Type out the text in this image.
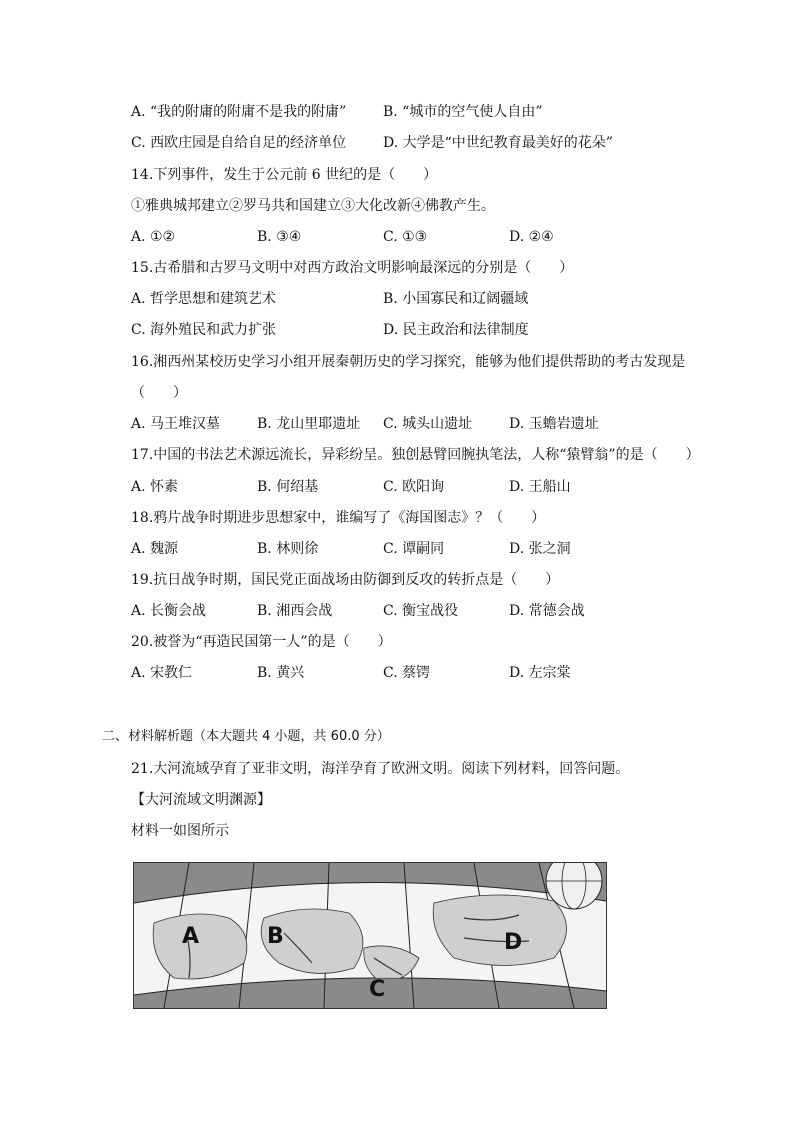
A. “我的附庸的附庸不是我的附庸”	B. “城市的空气使人自由”
C. 西欧庄园是自给自足的经济单位	D. 大学是“中世纪教育最美好的花朵”
14.下列事件，发生于公元前 6 世纪的是（　　）
①雅典城邦建立②罗马共和国建立③大化改新④佛教产生。
A. ①②	B. ③④	C. ①③	D. ②④
15.古希腊和古罗马文明中对西方政治文明影响最深远的分别是（　　）
A. 哲学思想和建筑艺术	B. 小国寡民和辽阔疆域
C. 海外殖民和武力扩张	D. 民主政治和法律制度
16.湘西州某校历史学习小组开展秦朝历史的学习探究，能够为他们提供帮助的考古发现是
（　　）
A. 马王堆汉墓	B. 龙山里耶遗址 C. 城头山遗址	D. 玉蟾岩遗址
17.中国的书法艺术源远流长，异彩纷呈。独创悬臂回腕执笔法，人称“猿臂翁”的是（　　）
A. 怀素	B. 何绍基	C. 欧阳询	D. 王船山
18.鸦片战争时期进步思想家中，谁编写了《海国图志》？（　　）
A. 魏源	B. 林则徐	C. 谭嗣同	D. 张之洞
19.抗日战争时期，国民党正面战场由防御到反攻的转折点是（　　）
A. 长衡会战	B. 湘西会战	C. 衡宝战役	D. 常德会战
20.被誉为“再造民国第一人”的是（　　）
A. 宋教仁	B. 黄兴	C. 蔡锷	D. 左宗棠
二、材料解析题（本大题共 4 小题，共 60.0 分）
21.大河流域孕育了亚非文明，海洋孕育了欧洲文明。阅读下列材料，回答问题。
【大河流域文明渊源】
材料一如图所示
A	B
C
D
